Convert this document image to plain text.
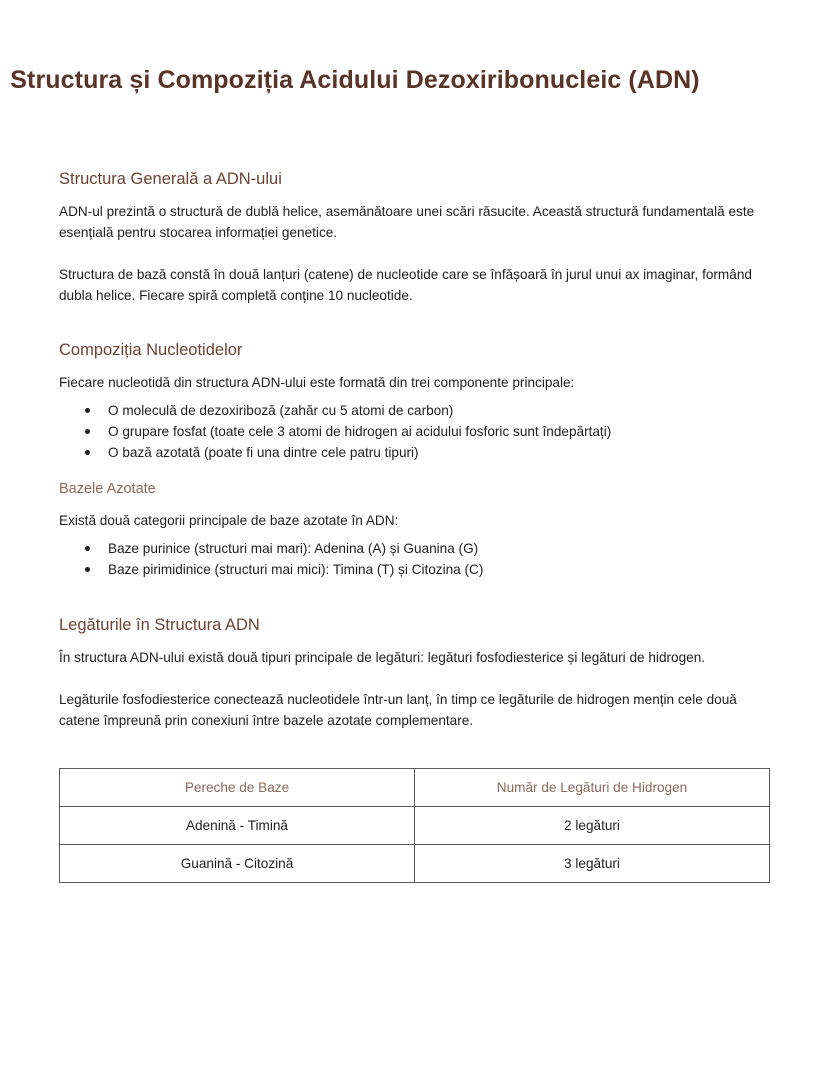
Structura și Compoziția Acidului Dezoxiribonucleic (ADN)
Structura Generală a ADN-ului

ADN-ul prezintă o structură de dublă helice, asemănătoare unei scări răsucite. Această structură fundamentală este esențială pentru stocarea informației genetice.

Structura de bază constă în două lanțuri (catene) de nucleotide care se înfășoară în jurul unui ax imaginar, formând dubla helice. Fiecare spiră completă conține 10 nucleotide.

Compoziția Nucleotidelor

Fiecare nucleotidă din structura ADN-ului este formată din trei componente principale:

O moleculă de dezoxiriboză (zahăr cu 5 atomi de carbon)
O grupare fosfat (toate cele 3 atomi de hidrogen ai acidului fosforic sunt îndepărtați)
O bază azotată (poate fi una dintre cele patru tipuri)
Bazele Azotate

Există două categorii principale de baze azotate în ADN:

Baze purinice (structuri mai mari): Adenina (A) și Guanina (G)
Baze pirimidinice (structuri mai mici): Timina (T) și Citozina (C)
Legăturile în Structura ADN

În structura ADN-ului există două tipuri principale de legături: legături fosfodiesterice și legături de hidrogen.

Legăturile fosfodiesterice conectează nucleotidele într-un lanț, în timp ce legăturile de hidrogen mențin cele două catene împreună prin conexiuni între bazele azotate complementare.

Pereche de Baze	Număr de Legături de Hidrogen
Adenină - Timină	2 legături
Guanină - Citozină	3 legături
